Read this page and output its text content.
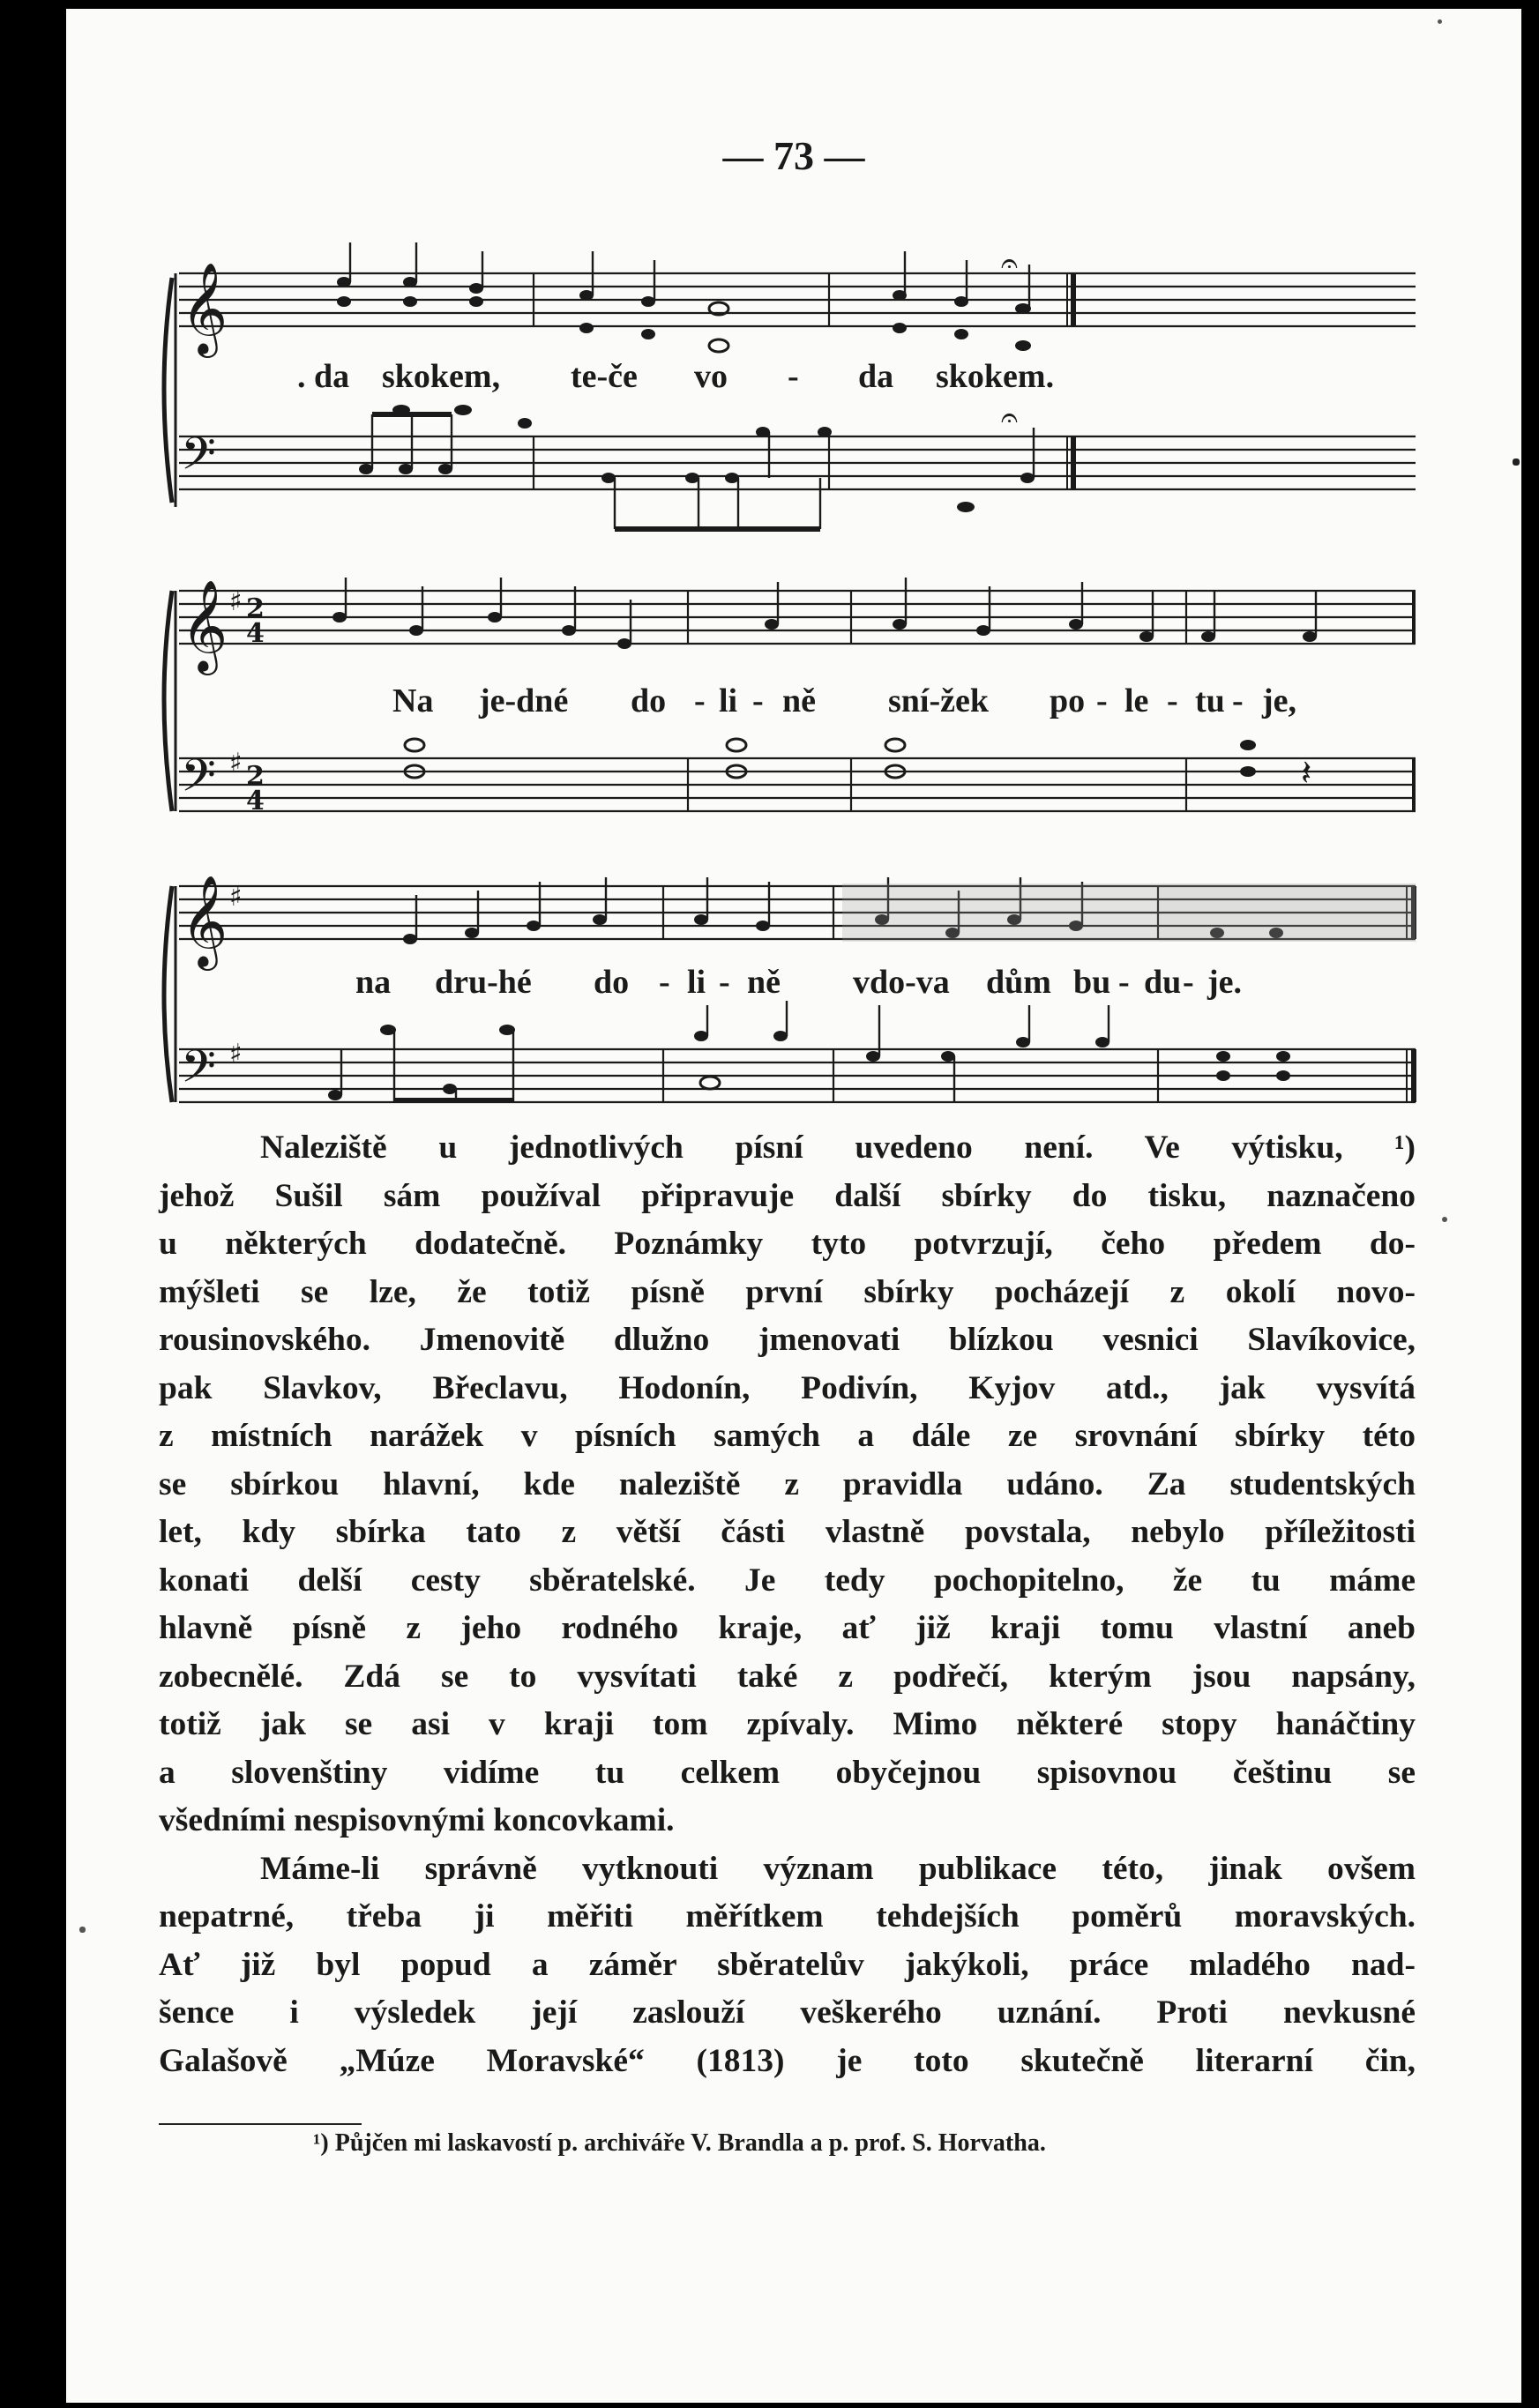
— 73 —
𝄞
𝄢
𝄐
𝄐
. da skokem, te-če vo - da skokem.
𝄞
𝄢
♯
♯
2
4
2
4
𝄽
Na je-dné do - li - ně sní-žek po - le - tu - je,
𝄞
𝄢
♯
♯
na dru-hé do - li - ně vdo-va dům bu - du - je.

Naleziště u jednotlivých písní uvedeno není. Ve výtisku, ¹)

jehož Sušil sám používal připravuje další sbírky do tisku, naznačeno

u některých dodatečně. Poznámky tyto potvrzují, čeho předem do-

mýšleti se lze, že totiž písně první sbírky pocházejí z okolí novo-

rousinovského. Jmenovitě dlužno jmenovati blízkou vesnici Slavíkovice,

pak Slavkov, Břeclavu, Hodonín, Podivín, Kyjov atd., jak vysvítá

z místních narážek v písních samých a dále ze srovnání sbírky této

se sbírkou hlavní, kde naleziště z pravidla udáno. Za studentských

let, kdy sbírka tato z větší části vlastně povstala, nebylo příležitosti

konati delší cesty sběratelské. Je tedy pochopitelno, že tu máme

hlavně písně z jeho rodného kraje, ať již kraji tomu vlastní aneb

zobecnělé. Zdá se to vysvítati také z podřečí, kterým jsou napsány,

totiž jak se asi v kraji tom zpívaly. Mimo některé stopy hanáčtiny

a slovenštiny vidíme tu celkem obyčejnou spisovnou češtinu se

všedními nespisovnými koncovkami.

Máme-li správně vytknouti význam publikace této, jinak ovšem

nepatrné, třeba ji měřiti měřítkem tehdejších poměrů moravských.

Ať již byl popud a záměr sběratelův jakýkoli, práce mladého nad-

šence i výsledek její zaslouží veškerého uznání. Proti nevkusné

Galašově „Múze Moravské“ (1813) je toto skutečně literarní čin,

¹) Půjčen mi laskavostí p. archiváře V. Brandla a p. prof. S. Horvatha.
